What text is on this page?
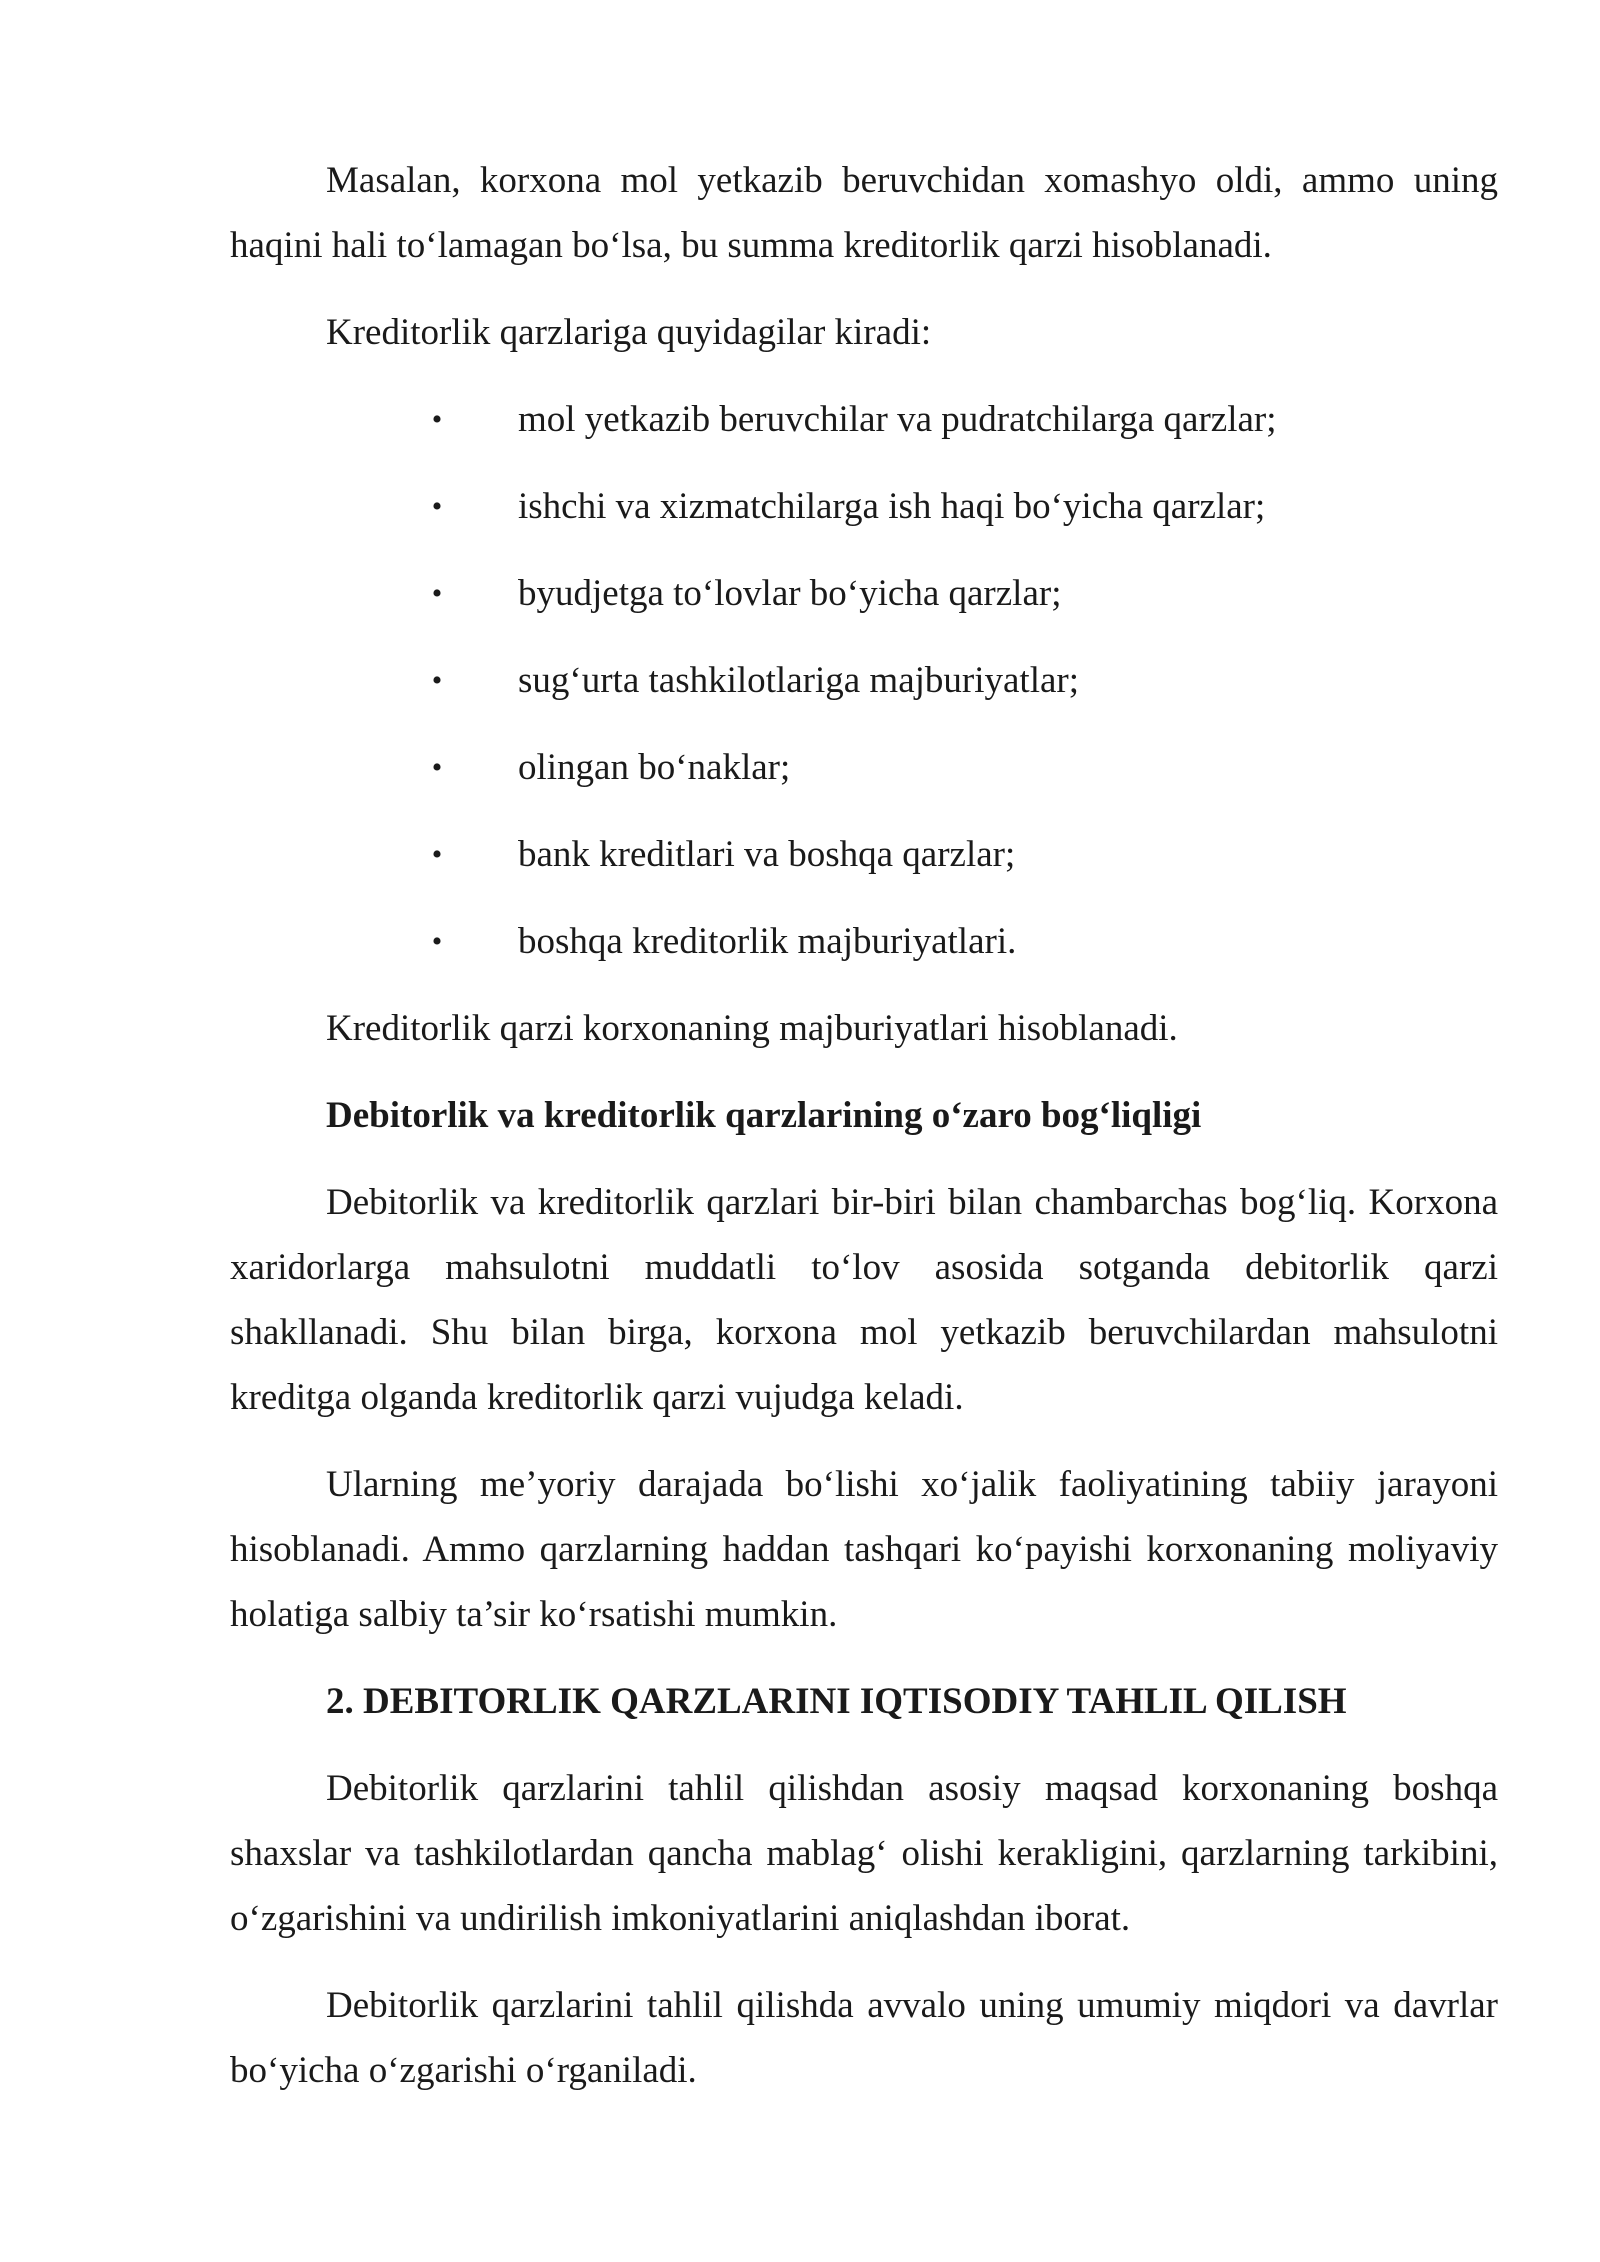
Masalan, korxona mol yetkazib beruvchidan xomashyo oldi, ammo uning haqini hali to‘lamagan bo‘lsa, bu summa kreditorlik qarzi hisoblanadi.

Kreditorlik qarzlariga quyidagilar kiradi:

• mol yetkazib beruvchilar va pudratchilarga qarzlar;
• ishchi va xizmatchilarga ish haqi bo‘yicha qarzlar;
• byudjetga to‘lovlar bo‘yicha qarzlar;
• sug‘urta tashkilotlariga majburiyatlar;
• olingan bo‘naklar;
• bank kreditlari va boshqa qarzlar;
• boshqa kreditorlik majburiyatlari.

Kreditorlik qarzi korxonaning majburiyatlari hisoblanadi.

Debitorlik va kreditorlik qarzlarining o‘zaro bog‘liqligi

Debitorlik va kreditorlik qarzlari bir-biri bilan chambarchas bog‘liq. Korxona xaridorlarga mahsulotni muddatli to‘lov asosida sotganda debitorlik qarzi shakllanadi. Shu bilan birga, korxona mol yetkazib beruvchilardan mahsulotni kreditga olganda kreditorlik qarzi vujudga keladi.

Ularning me’yoriy darajada bo‘lishi xo‘jalik faoliyatining tabiiy jarayoni hisoblanadi. Ammo qarzlarning haddan tashqari ko‘payishi korxonaning moliyaviy holatiga salbiy ta’sir ko‘rsatishi mumkin.

2. DEBITORLIK QARZLARINI IQTISODIY TAHLIL QILISH

Debitorlik qarzlarini tahlil qilishdan asosiy maqsad korxonaning boshqa shaxslar va tashkilotlardan qancha mablag‘ olishi kerakligini, qarzlarning tarkibini, o‘zgarishini va undirilish imkoniyatlarini aniqlashdan iborat.

Debitorlik qarzlarini tahlil qilishda avvalo uning umumiy miqdori va davrlar bo‘yicha o‘zgarishi o‘rganiladi.
